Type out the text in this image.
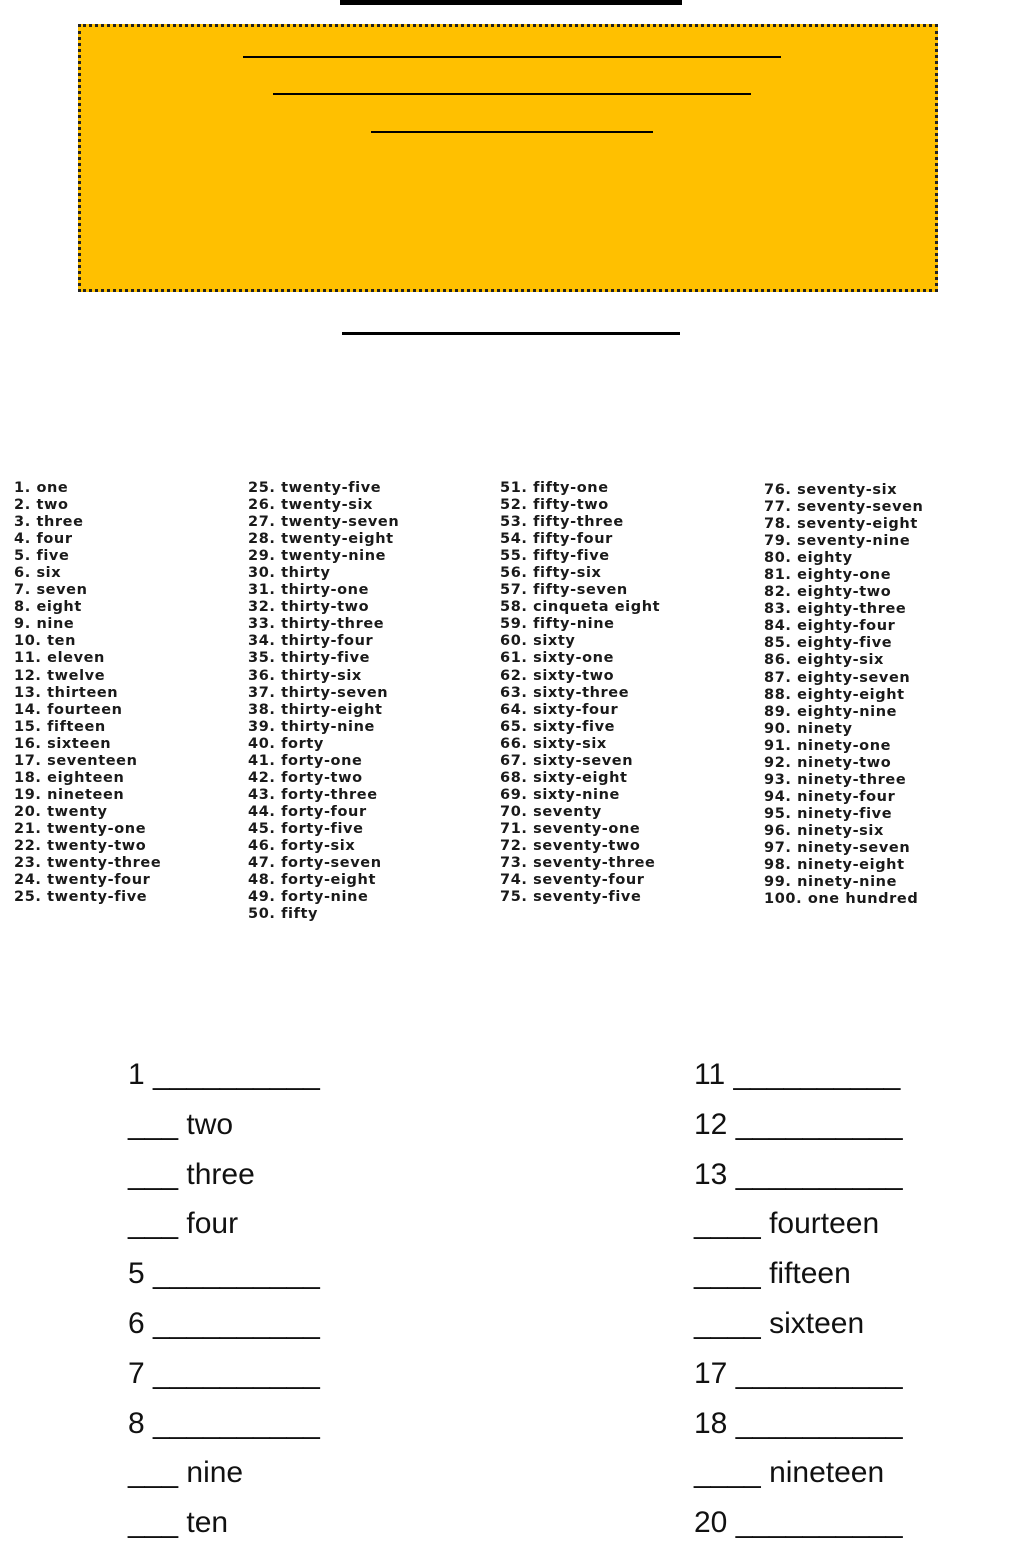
1. one
2. two
3. three
4. four
5. five
6. six
7. seven
8. eight
9. nine
10. ten
11. eleven
12. twelve
13. thirteen
14. fourteen
15. fifteen
16. sixteen
17. seventeen
18. eighteen
19. nineteen
20. twenty
21. twenty-one
22. twenty-two
23. twenty-three
24. twenty-four
25. twenty-five
25. twenty-five
26. twenty-six
27. twenty-seven
28. twenty-eight
29. twenty-nine
30. thirty
31. thirty-one
32. thirty-two
33. thirty-three
34. thirty-four
35. thirty-five
36. thirty-six
37. thirty-seven
38. thirty-eight
39. thirty-nine
40. forty
41. forty-one
42. forty-two
43. forty-three
44. forty-four
45. forty-five
46. forty-six
47. forty-seven
48. forty-eight
49. forty-nine
50. fifty
51. fifty-one
52. fifty-two
53. fifty-three
54. fifty-four
55. fifty-five
56. fifty-six
57. fifty-seven
58. cinqueta eight
59. fifty-nine
60. sixty
61. sixty-one
62. sixty-two
63. sixty-three
64. sixty-four
65. sixty-five
66. sixty-six
67. sixty-seven
68. sixty-eight
69. sixty-nine
70. seventy
71. seventy-one
72. seventy-two
73. seventy-three
74. seventy-four
75. seventy-five
76. seventy-six
77. seventy-seven
78. seventy-eight
79. seventy-nine
80. eighty
81. eighty-one
82. eighty-two
83. eighty-three
84. eighty-four
85. eighty-five
86. eighty-six
87. eighty-seven
88. eighty-eight
89. eighty-nine
90. ninety
91. ninety-one
92. ninety-two
93. ninety-three
94. ninety-four
95. ninety-five
96. ninety-six
97. ninety-seven
98. ninety-eight
99. ninety-nine
100. one hundred
1 __________
___ two
___ three
___ four
5 __________
6 __________
7 __________
8 __________
___ nine
___ ten
11 __________
12 __________
13 __________
____ fourteen
____ fifteen
____ sixteen
17 __________
18 __________
____ nineteen
20 __________
